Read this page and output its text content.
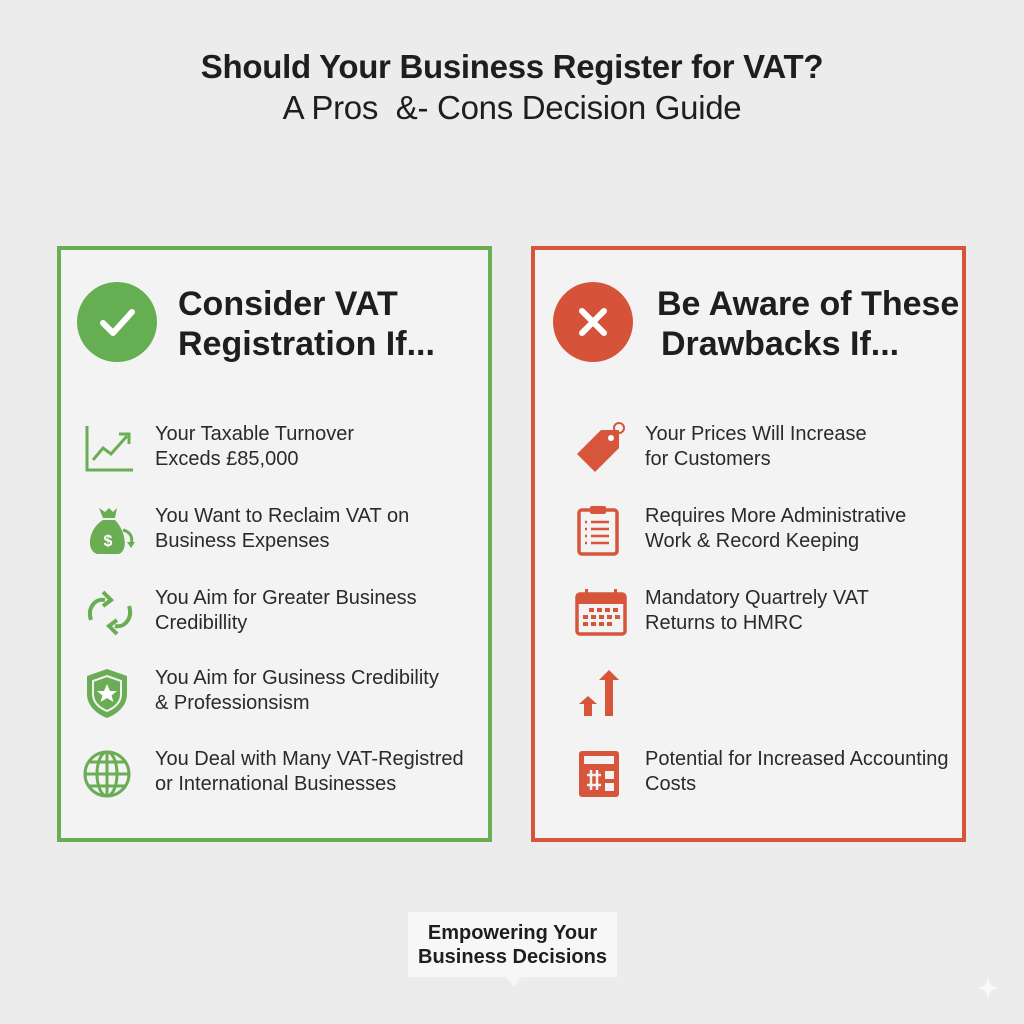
Should Your Business Register for VAT?
A Pros  &- Cons Decision Guide
Consider VAT
Registration If...
Your Taxable Turnover
Exceds £85,000
$
You Want to Reclaim VAT on
Business Expenses
You Aim for Greater Business
Credibillity
You Aim for Gusiness Credibility
& Professionsism
You Deal with Many VAT-Registred
or International Businesses
Be Aware of These
Drawbacks If...
Your Prices Will Increase
for Customers
Requires More Administrative
Work & Record Keeping
Mandatory Quartrely VAT
Returns to HMRC
Potential for Increased Accounting
Costs
Empowering Your
Business Decisions
